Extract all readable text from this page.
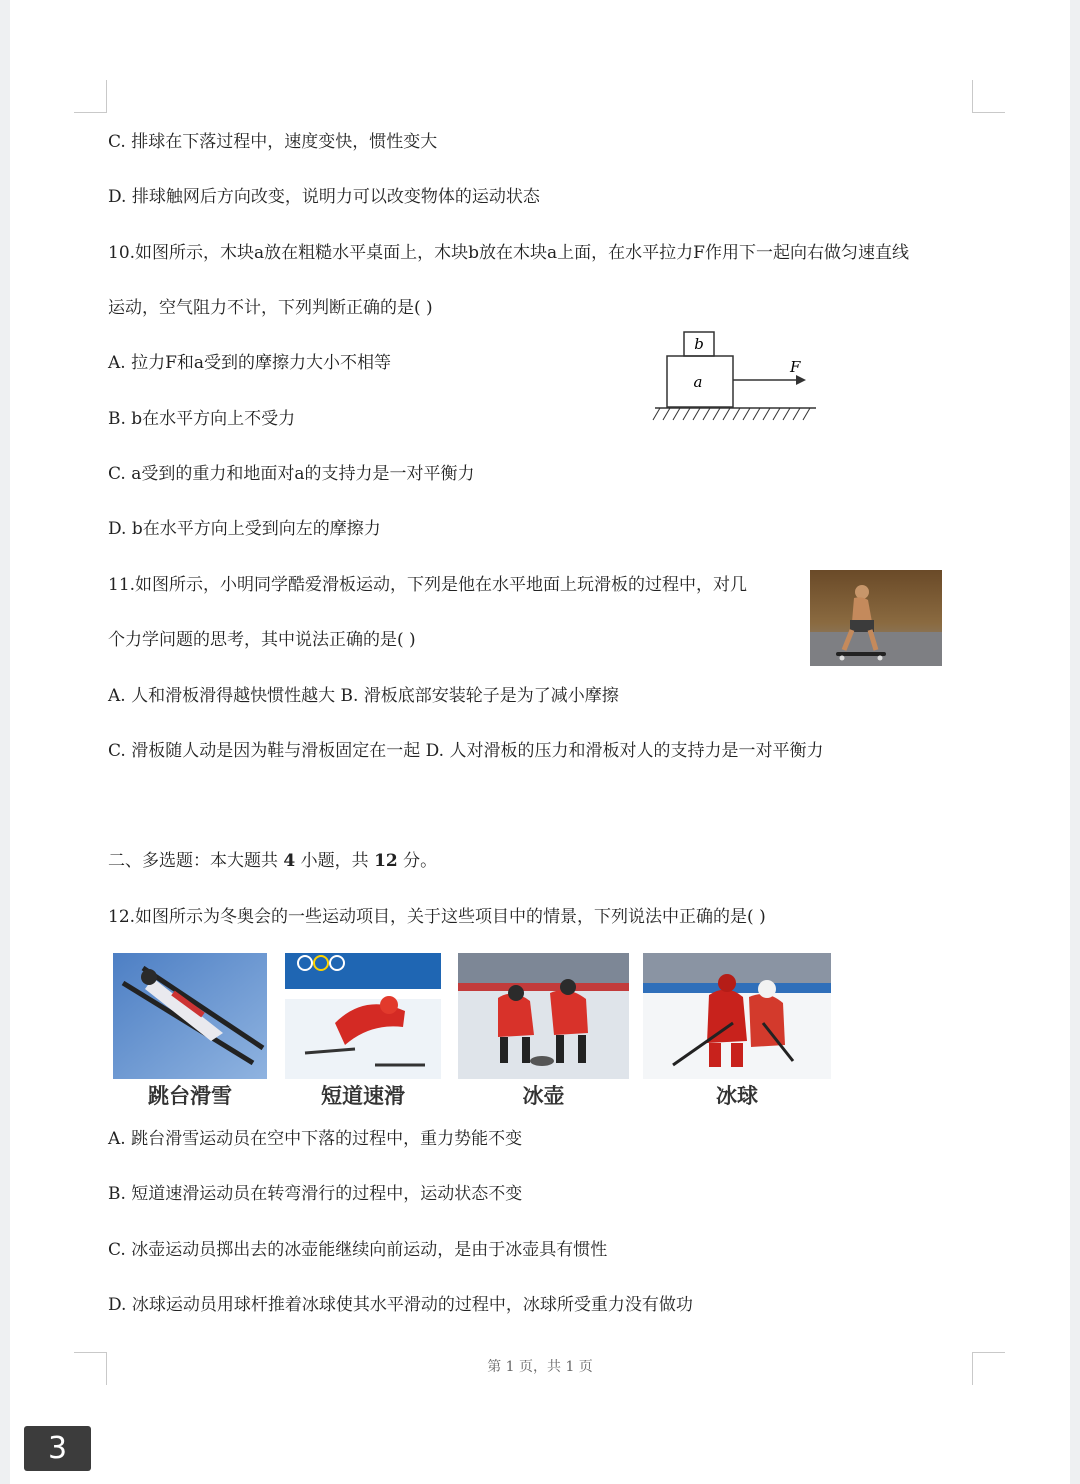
C. 排球在下落过程中，速度变快，惯性变大
D. 排球触网后方向改变，说明力可以改变物体的运动状态
10.如图所示，木块a放在粗糙水平桌面上，木块b放在木块a上面，在水平拉力F作用下一起向右做匀速直线
运动，空气阻力不计，下列判断正确的是( )
A. 拉力F和a受到的摩擦力大小不相等
B. b在水平方向上不受力
C. a受到的重力和地面对a的支持力是一对平衡力
D. b在水平方向上受到向左的摩擦力
b
a
F
11.如图所示，小明同学酷爱滑板运动，下列是他在水平地面上玩滑板的过程中，对几
个力学问题的思考，其中说法正确的是( )
A. 人和滑板滑得越快惯性越大 B. 滑板底部安装轮子是为了减小摩擦
C. 滑板随人动是因为鞋与滑板固定在一起 D. 人对滑板的压力和滑板对人的支持力是一对平衡力
二、多选题：本大题共 4 小题，共 12 分。
12.如图所示为冬奥会的一些运动项目，关于这些项目中的情景，下列说法中正确的是( )
跳台滑雪	短道速滑	冰壶	冰球
A. 跳台滑雪运动员在空中下落的过程中，重力势能不变
B. 短道速滑运动员在转弯滑行的过程中，运动状态不变
C. 冰壶运动员掷出去的冰壶能继续向前运动，是由于冰壶具有惯性
D. 冰球运动员用球杆推着冰球使其水平滑动的过程中，冰球所受重力没有做功
第 1 页，共 1 页
3
